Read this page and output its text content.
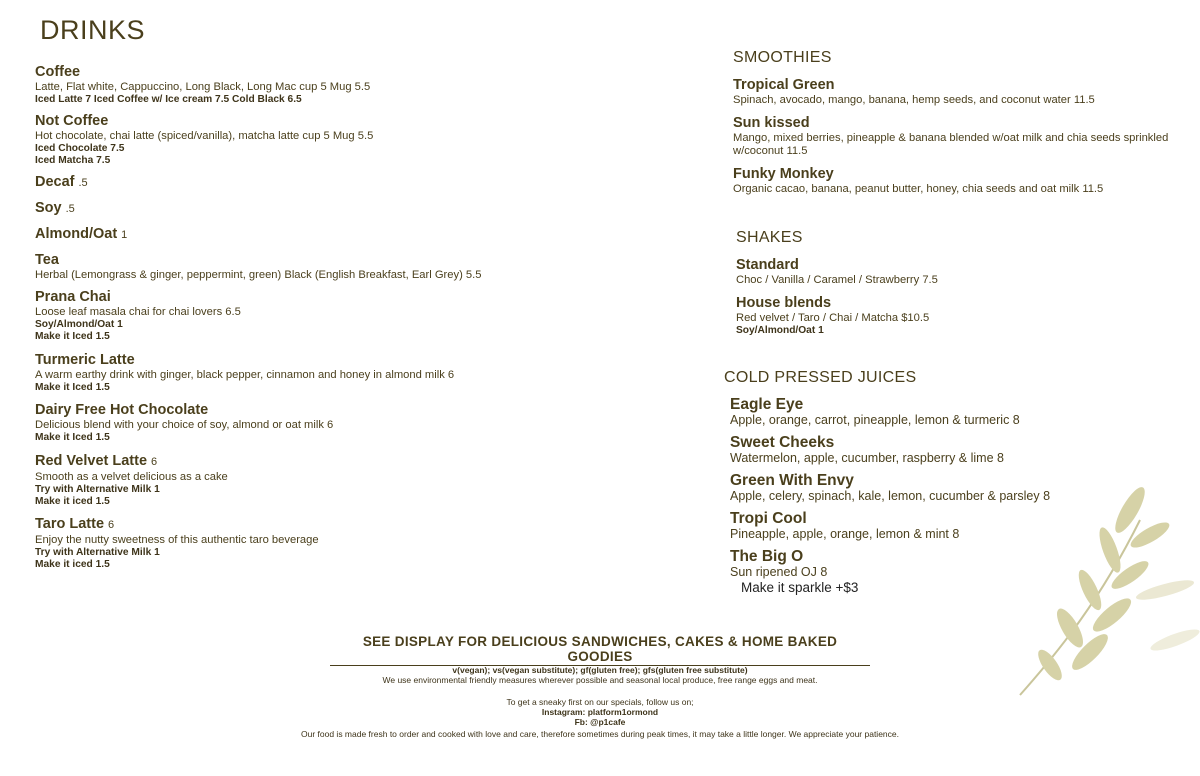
DRINKS
Coffee
Latte, Flat white, Cappuccino, Long Black, Long Mac cup 5 Mug 5.5
Iced Latte 7 Iced Coffee w/ Ice cream 7.5 Cold Black 6.5
Not Coffee
Hot chocolate, chai latte (spiced/vanilla), matcha latte cup 5 Mug 5.5
Iced Chocolate 7.5
Iced Matcha 7.5
Decaf .5
Soy .5
Almond/Oat 1
Tea
Herbal (Lemongrass & ginger, peppermint, green) Black (English Breakfast, Earl Grey) 5.5
Prana Chai
Loose leaf masala chai for chai lovers 6.5
Soy/Almond/Oat 1
Make it Iced 1.5
Turmeric Latte
A warm earthy drink with ginger, black pepper, cinnamon and honey in almond milk 6
Make it Iced 1.5
Dairy Free Hot Chocolate
Delicious blend with your choice of soy, almond or oat milk 6
Make it Iced 1.5
Red Velvet Latte 6
Smooth as a velvet delicious as a cake
Try with Alternative Milk 1
Make it iced 1.5
Taro Latte 6
Enjoy the nutty sweetness of this authentic taro beverage
Try with Alternative Milk 1
Make it iced 1.5
SMOOTHIES
Tropical Green
Spinach, avocado, mango, banana, hemp seeds, and coconut water 11.5
Sun kissed
Mango, mixed berries, pineapple & banana blended w/oat milk and chia seeds sprinkled w/coconut 11.5
Funky Monkey
Organic cacao, banana, peanut butter, honey, chia seeds and oat milk 11.5
SHAKES
Standard
Choc / Vanilla / Caramel / Strawberry 7.5
House blends
Red velvet / Taro / Chai / Matcha $10.5
Soy/Almond/Oat 1
COLD PRESSED JUICES
Eagle Eye
Apple, orange, carrot, pineapple, lemon & turmeric 8
Sweet Cheeks
Watermelon, apple, cucumber, raspberry & lime 8
Green With Envy
Apple, celery, spinach, kale, lemon, cucumber & parsley 8
Tropi Cool
Pineapple, apple, orange, lemon & mint 8
The Big O
Sun ripened OJ 8
Make it sparkle +$3
SEE DISPLAY FOR DELICIOUS SANDWICHES, CAKES & HOME BAKED GOODIES
v(vegan); vs(vegan substitute); gf(gluten free); gfs(gluten free substitute)
We use environmental friendly measures wherever possible and seasonal local produce, free range eggs and meat.
To get a sneaky first on our specials, follow us on;
Instagram: platform1ormond
Fb: @p1cafe
Our food is made fresh to order and cooked with love and care, therefore sometimes during peak times, it may take a little longer. We appreciate your patience.
